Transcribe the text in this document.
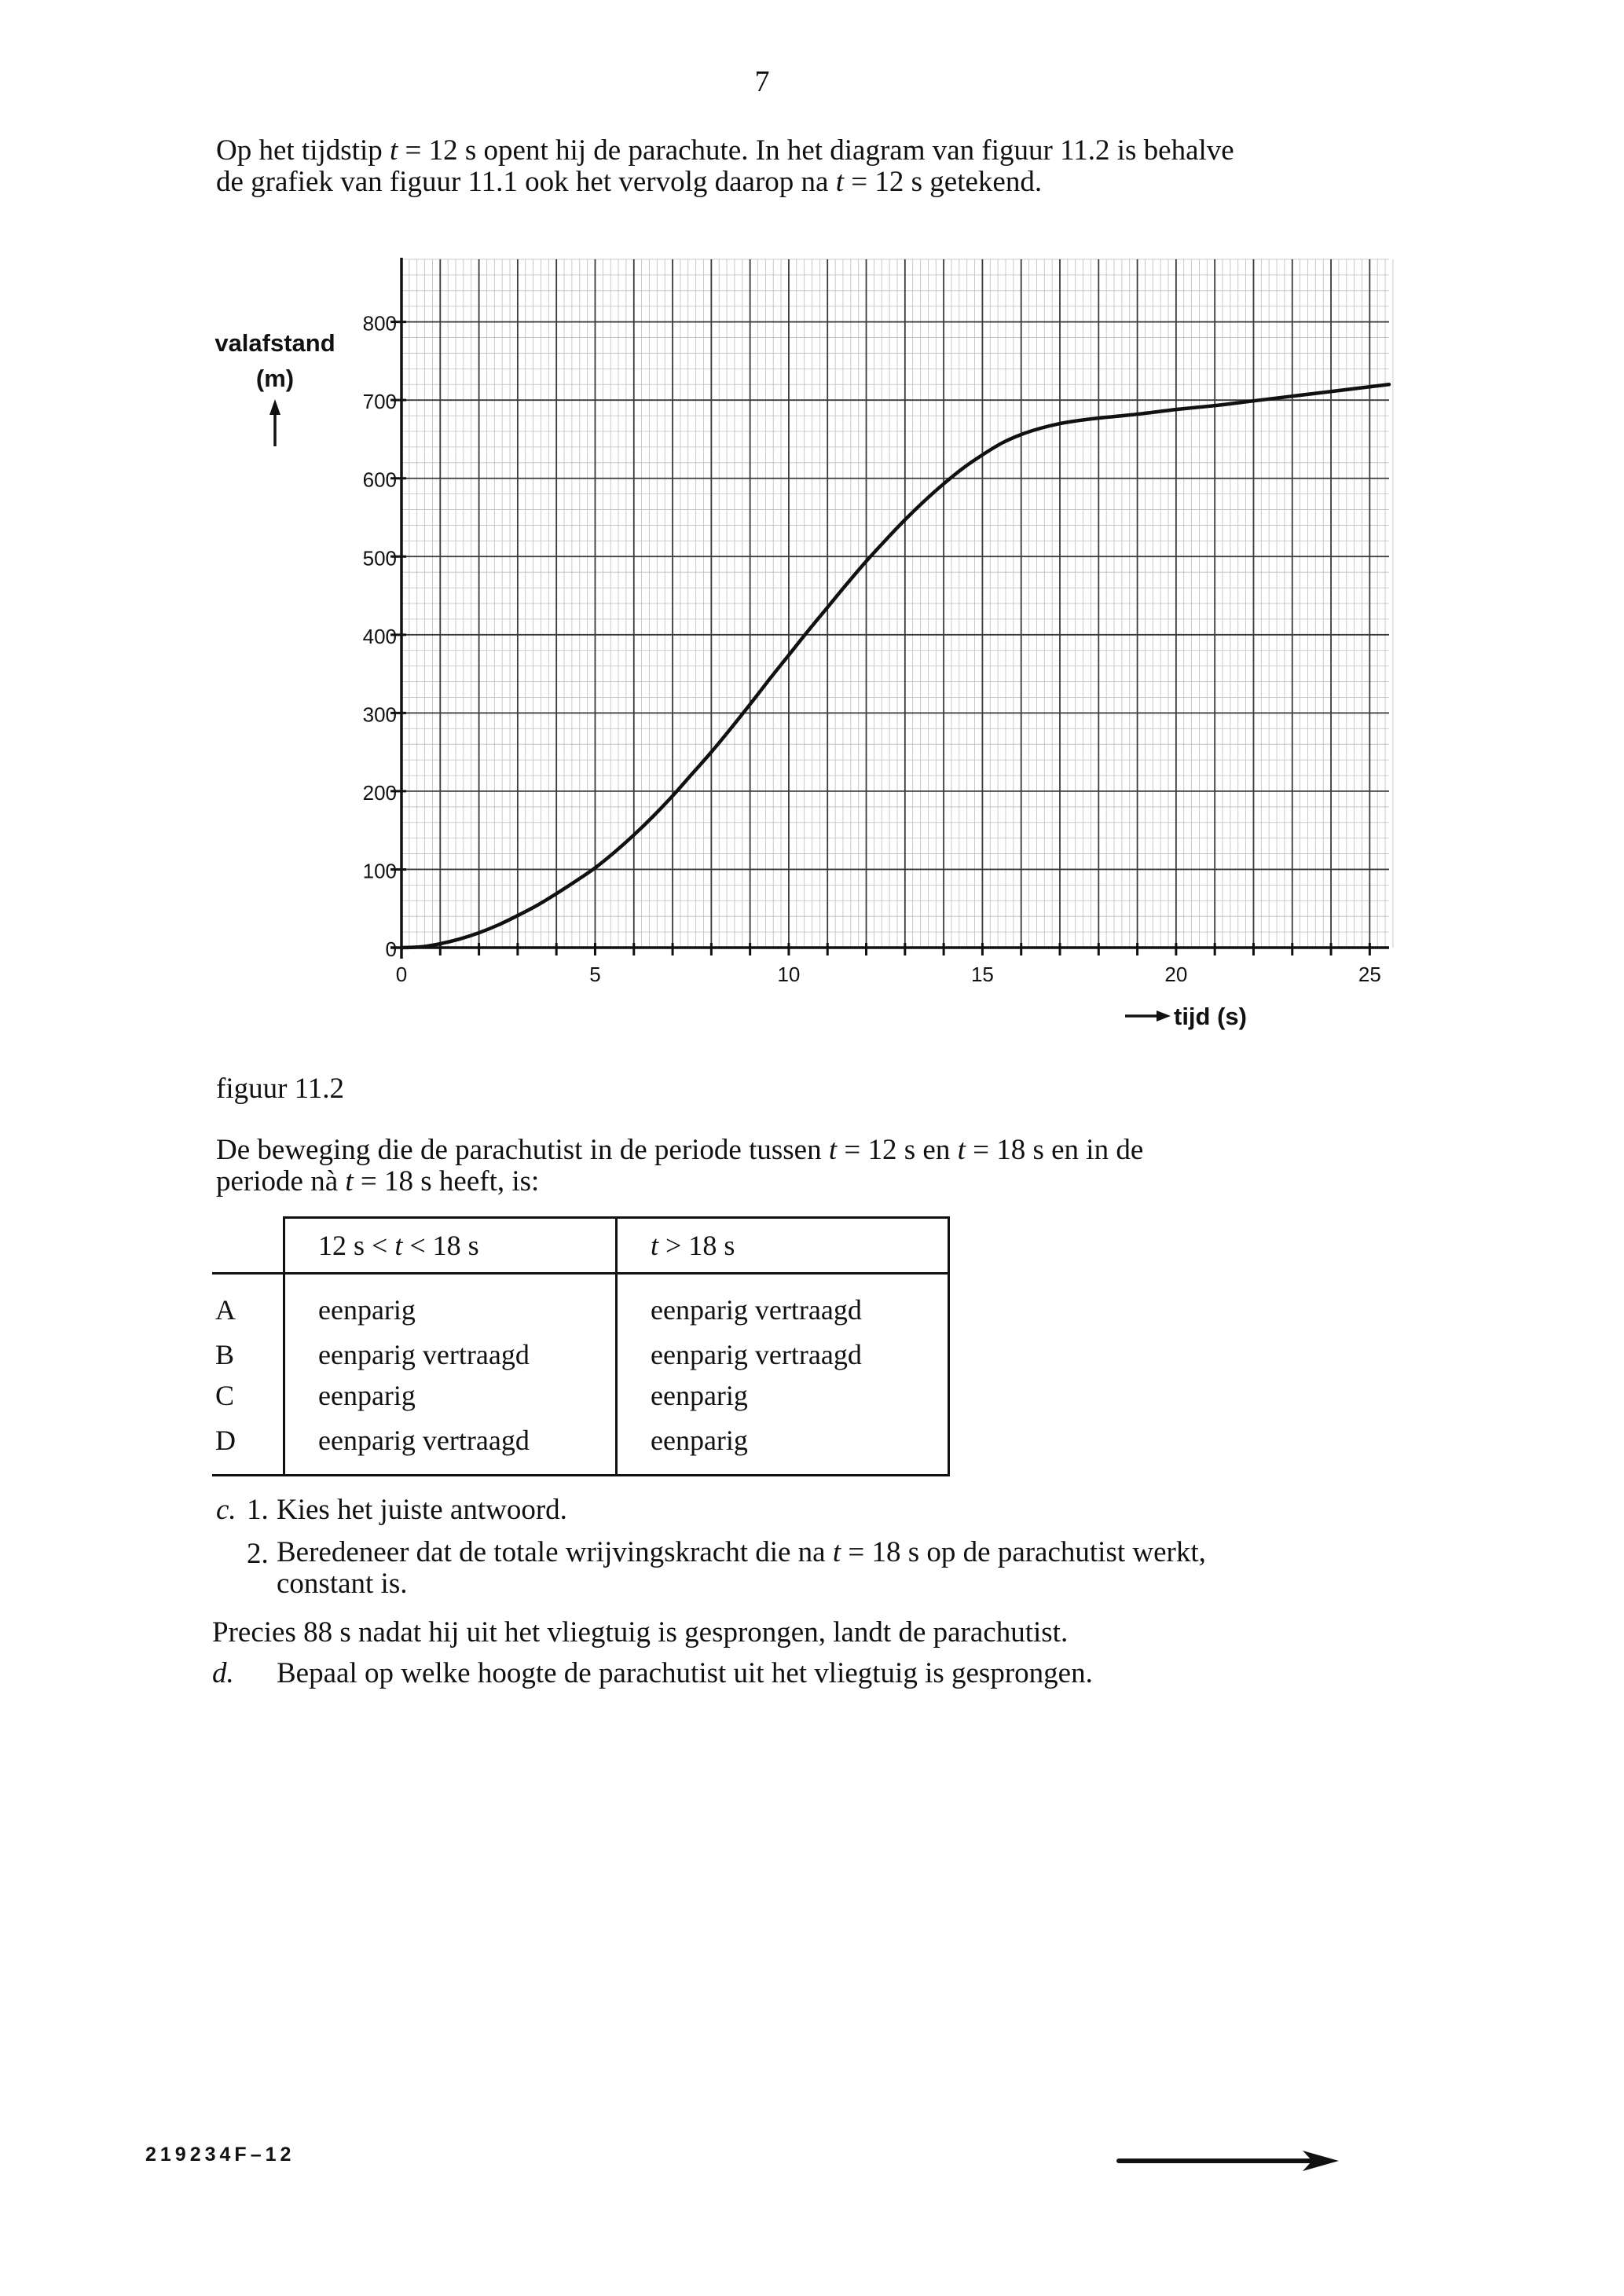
7
Op het tijdstip t = 12 s opent hij de parachute. In het diagram van figuur 11.2 is behalve
de grafiek van figuur 11.1 ook het vervolg daarop na t = 12 s getekend.
0
100
200
300
400
500
600
700
800
0	5	10	15	20	25
valafstand
(m)
tijd (s)
figuur 11.2
De beweging die de parachutist in de periode tussen t = 12 s en t = 18 s en in de
periode nà t = 18 s heeft, is:
	12 s < t < 18 s	t > 18 s
A	eenparig	eenparig vertraagd
B	eenparig vertraagd	eenparig vertraagd
C	eenparig	eenparig
D	eenparig vertraagd	eenparig
c. 1. Kies het juiste antwoord.
2. Beredeneer dat de totale wrijvingskracht die na t = 18 s op de parachutist werkt,
constant is.
Precies 88 s nadat hij uit het vliegtuig is gesprongen, landt de parachutist.
d. Bepaal op welke hoogte de parachutist uit het vliegtuig is gesprongen.
219234F–12
